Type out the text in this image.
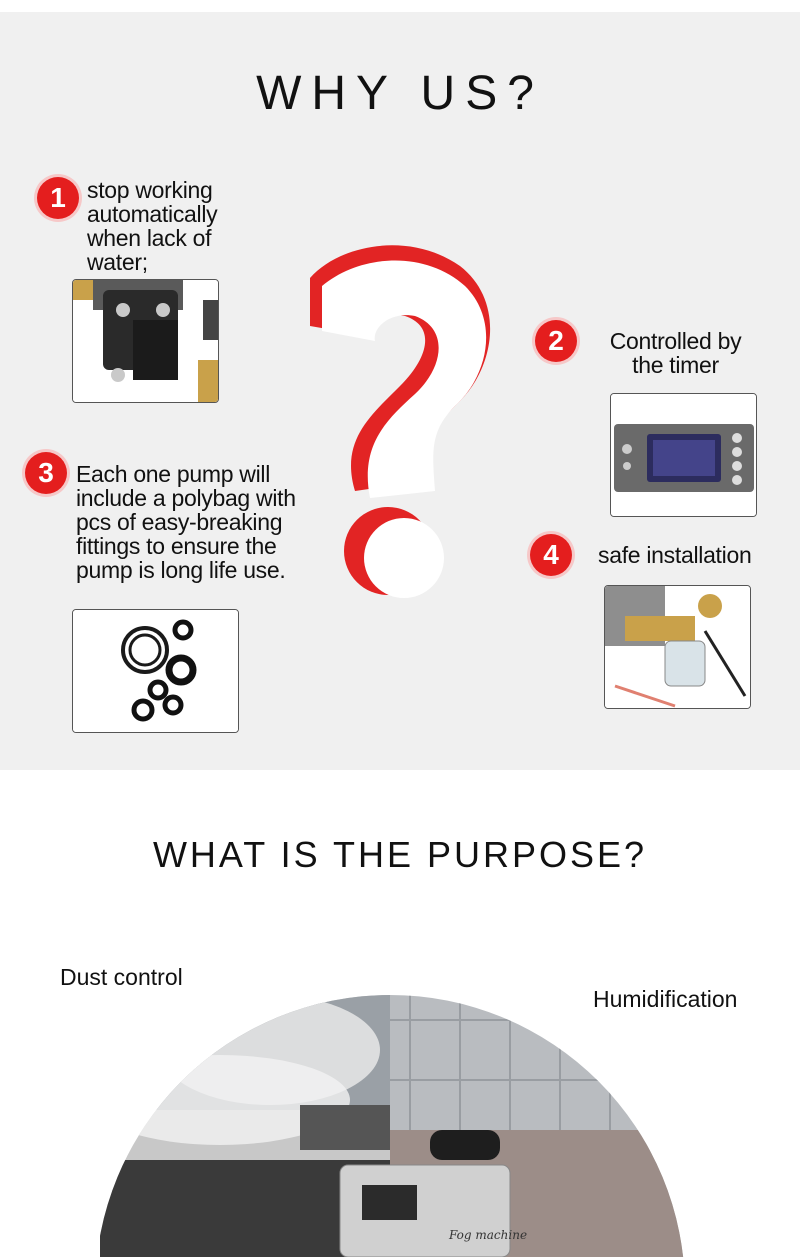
WHY US?
1 stop working
automatically
when lack of
water;
2	Controlled by
the timer
3 Each one pump will
include a polybag with
pcs of easy-breaking
fittings to ensure the
pump is long life use.	4	safe installation
WHAT IS THE PURPOSE?
Dust control
Humidification
Fog machine
